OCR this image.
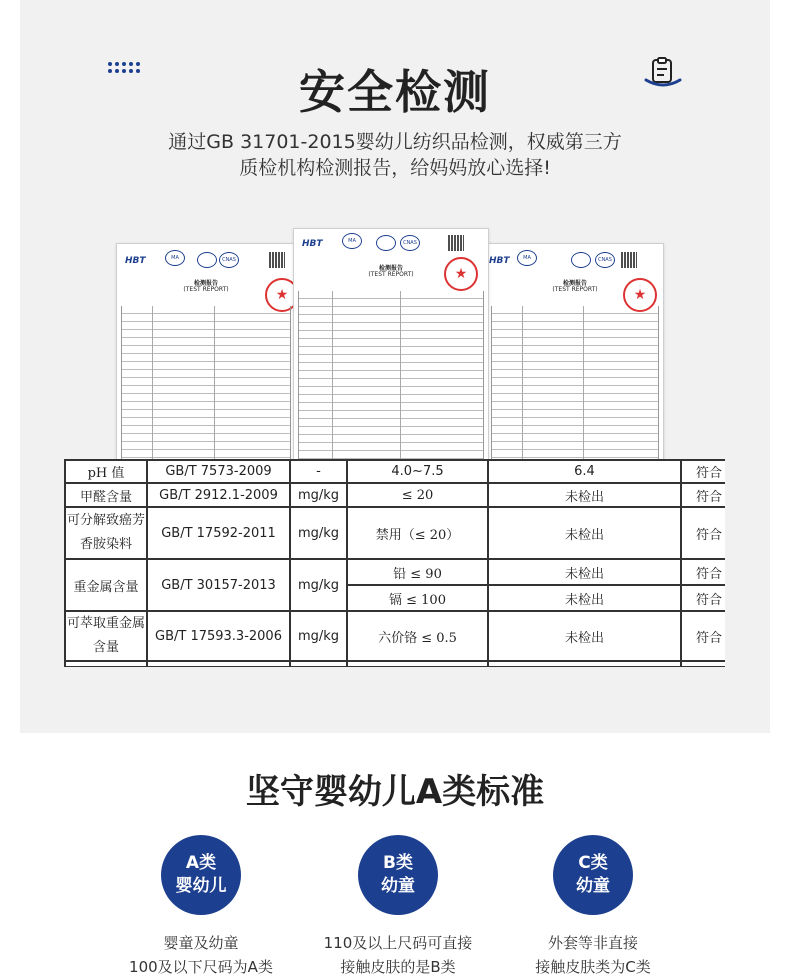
安全检测
通过GB 31701-2015婴幼儿纺织品检测，权威第三方
质检机构检测报告，给妈妈放心选择!
HBT	MA	CNAS
检测报告
(TEST REPORT)	★
HBT	MA	CNAS
检测报告
(TEST REPORT)	★
HBT	MA	CNAS
检测报告
(TEST REPORT)	★
pH 值	GB/T 7573-2009	-	4.0~7.5	6.4	符合
甲醛含量	GB/T 2912.1-2009	mg/kg	≤ 20	未检出	符合

可分解致癌芳
香胺染料	GB/T 17592-2011	mg/kg	禁用（≤ 20）	未检出	符合
重金属含量	GB/T 30157-2013	mg/kg	铅 ≤ 90	未检出	符合
			镉 ≤ 100	未检出	符合

可萃取重金属
含量	GB/T 17593.3-2006	mg/kg	六价铬 ≤ 0.5	未检出	符合

坚守婴幼儿A类标准
A类
婴幼儿
B类
幼童
C类
幼童
婴童及幼童
100及以下尺码为A类
110及以上尺码可直接
接触皮肤的是B类
外套等非直接
接触皮肤类为C类
